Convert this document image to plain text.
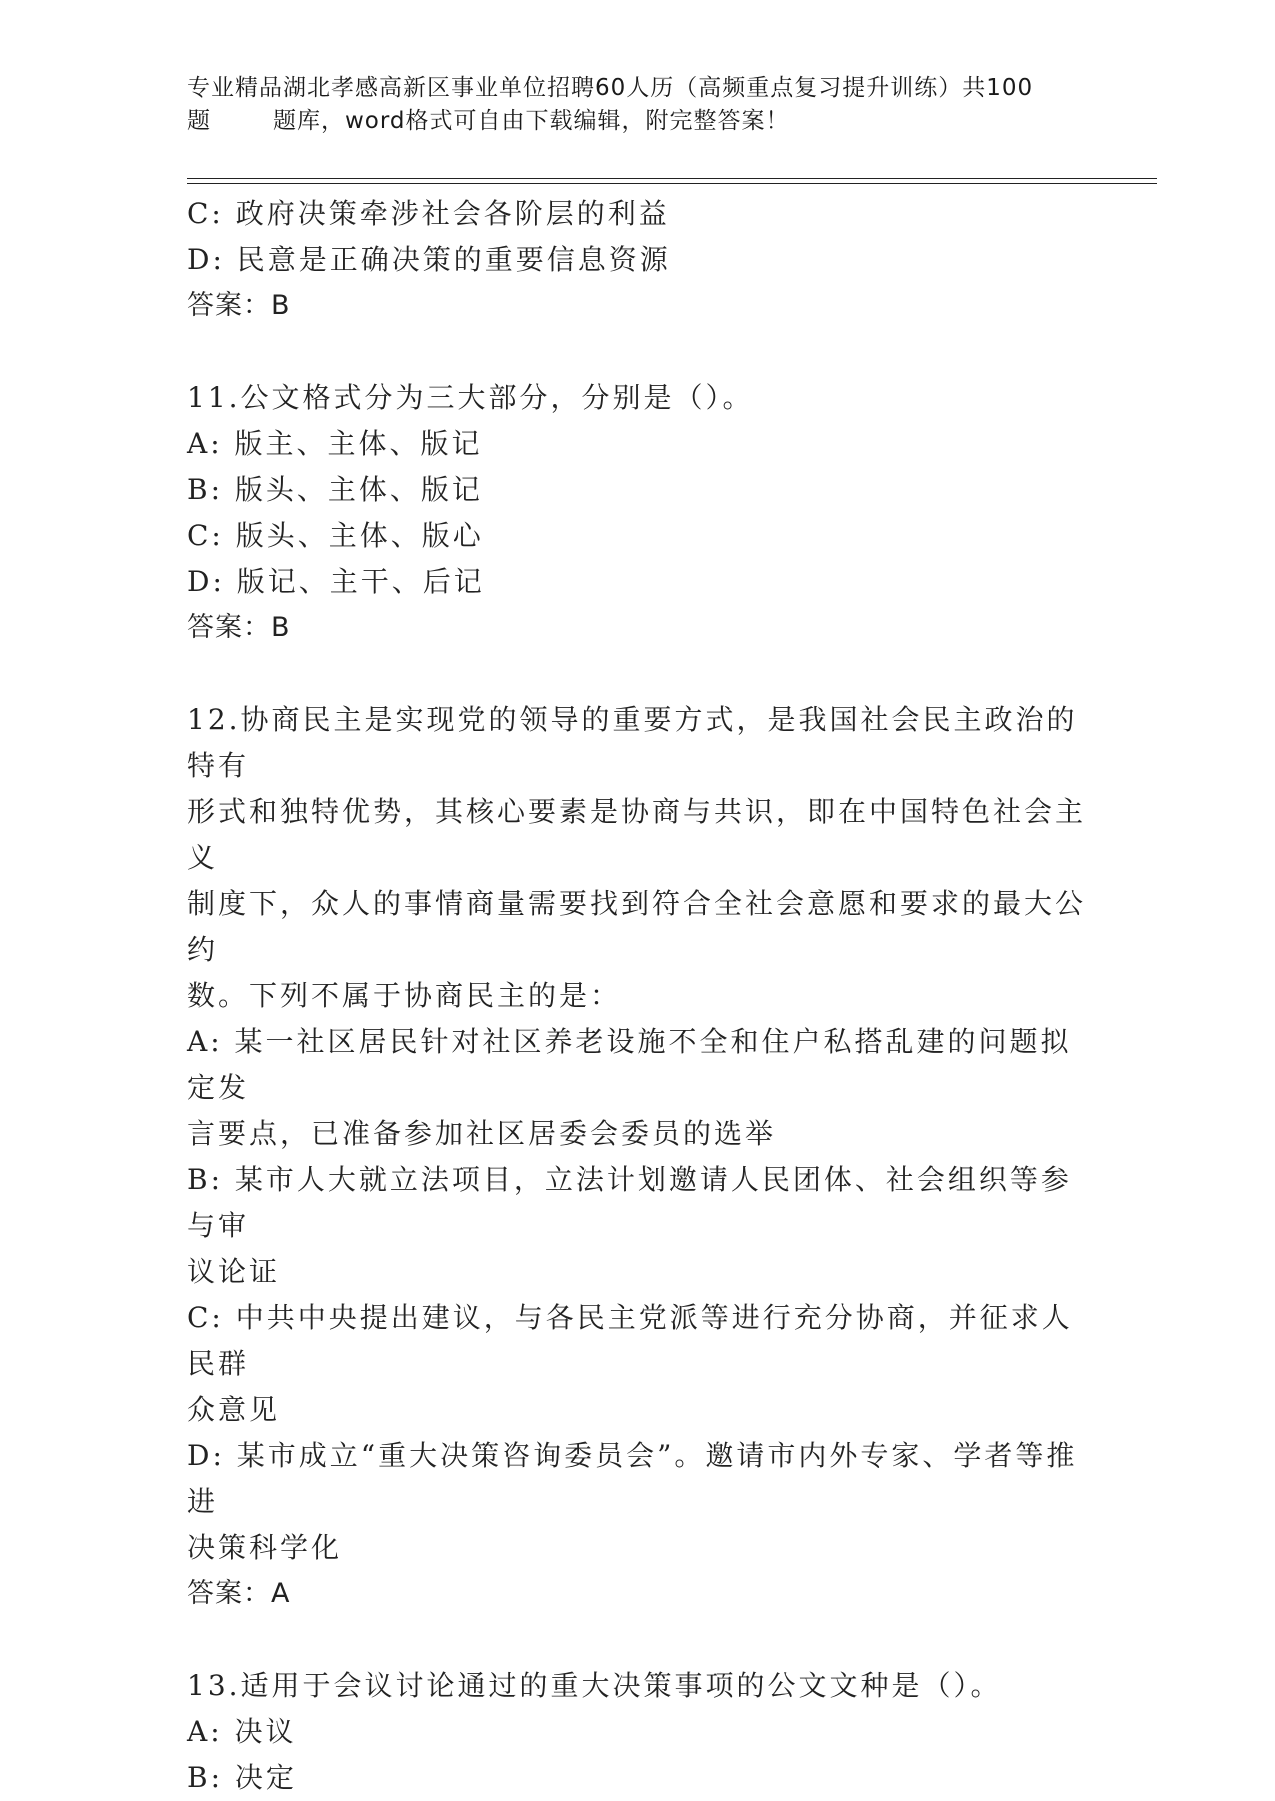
专业精品湖北孝感高新区事业单位招聘60人历（高频重点复习提升训练）共100
题	题库，word格式可自由下载编辑，附完整答案！

C: 政府决策牵涉社会各阶层的利益

D: 民意是正确决策的重要信息资源

答案：B

11.公文格式分为三大部分，分别是（）。

A: 版主、主体、版记

B: 版头、主体、版记

C: 版头、主体、版心

D: 版记、主干、后记

答案：B

12.协商民主是实现党的领导的重要方式，是我国社会民主政治的特有

形式和独特优势，其核心要素是协商与共识，即在中国特色社会主义

制度下，众人的事情商量需要找到符合全社会意愿和要求的最大公约

数。下列不属于协商民主的是：

A: 某一社区居民针对社区养老设施不全和住户私搭乱建的问题拟定发

言要点，已准备参加社区居委会委员的选举

B: 某市人大就立法项目，立法计划邀请人民团体、社会组织等参与审

议论证

C: 中共中央提出建议，与各民主党派等进行充分协商，并征求人民群

众意见

D: 某市成立“重大决策咨询委员会”。邀请市内外专家、学者等推进

决策科学化

答案：A

13.适用于会议讨论通过的重大决策事项的公文文种是（）。

A: 决议

B: 决定
